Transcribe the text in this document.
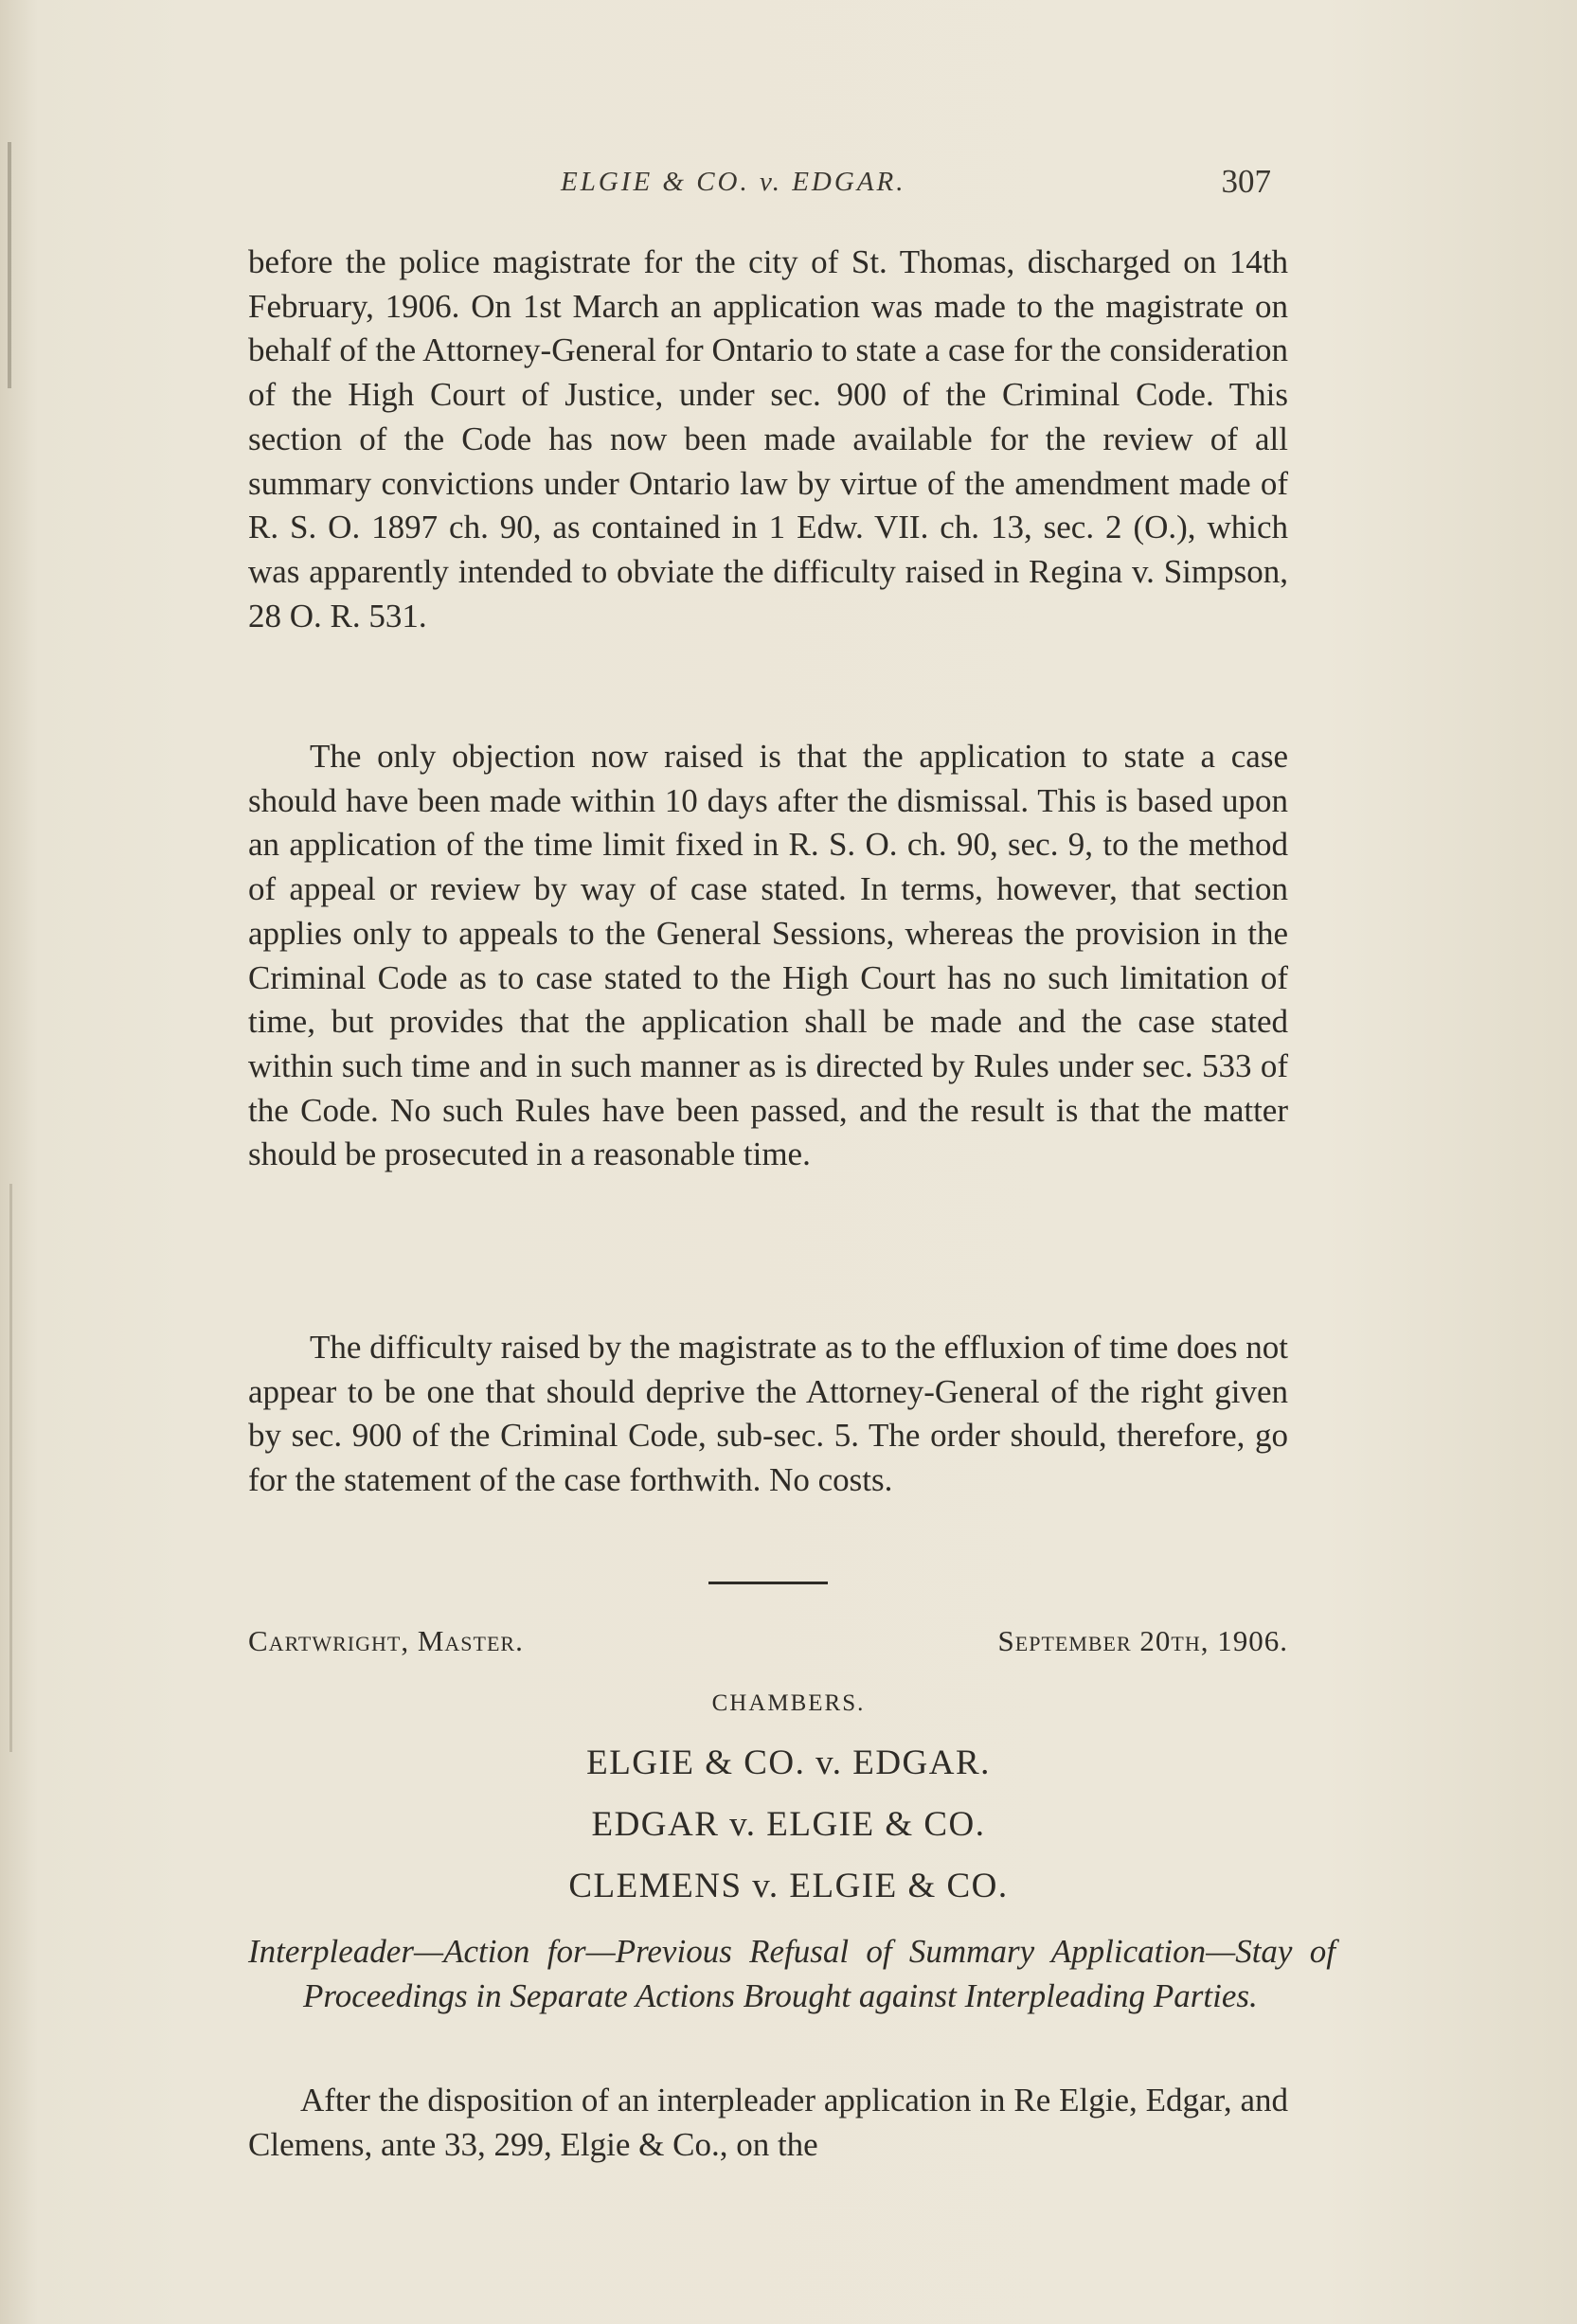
ELGIE & CO. v. EDGAR.	307

before the police magistrate for the city of St. Thomas, discharged on 14th February, 1906. On 1st March an application was made to the magistrate on behalf of the Attorney-General for Ontario to state a case for the consideration of the High Court of Justice, under sec. 900 of the Criminal Code. This section of the Code has now been made available for the review of all summary convictions under Ontario law by virtue of the amendment made of R. S. O. 1897 ch. 90, as contained in 1 Edw. VII. ch. 13, sec. 2 (O.), which was apparently intended to obviate the difficulty raised in Regina v. Simpson, 28 O. R. 531.

The only objection now raised is that the application to state a case should have been made within 10 days after the dismissal. This is based upon an application of the time limit fixed in R. S. O. ch. 90, sec. 9, to the method of appeal or review by way of case stated. In terms, however, that section applies only to appeals to the General Sessions, whereas the provision in the Criminal Code as to case stated to the High Court has no such limitation of time, but provides that the application shall be made and the case stated within such time and in such manner as is directed by Rules under sec. 533 of the Code. No such Rules have been passed, and the result is that the matter should be prosecuted in a reasonable time.

The difficulty raised by the magistrate as to the effluxion of time does not appear to be one that should deprive the Attorney-General of the right given by sec. 900 of the Criminal Code, sub-sec. 5. The order should, therefore, go for the statement of the case forthwith. No costs.

Cartwright, Master.	September 20th, 1906.
CHAMBERS.
ELGIE & CO. v. EDGAR.
EDGAR v. ELGIE & CO.
CLEMENS v. ELGIE & CO.

Interpleader—Action for—Previous Refusal of Summary Application—Stay of Proceedings in Separate Actions Brought against Interpleading Parties.

After the disposition of an interpleader application in Re Elgie, Edgar, and Clemens, ante 33, 299, Elgie & Co., on the
